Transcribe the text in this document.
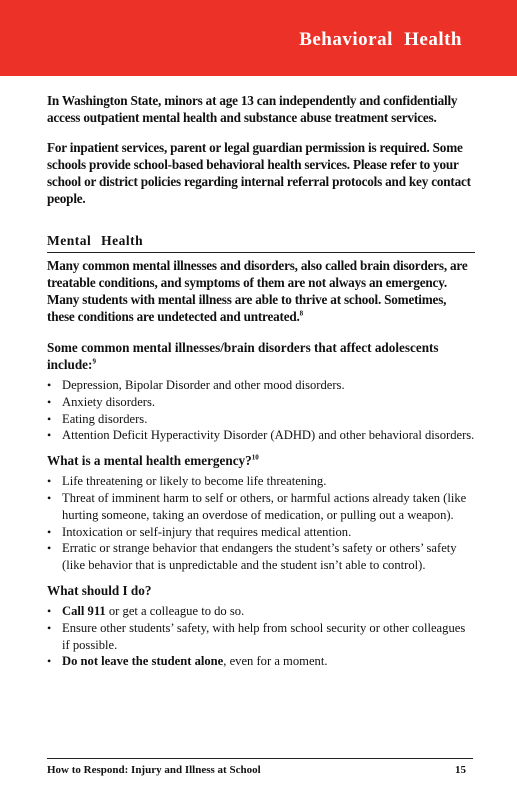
Behavioral Health

In Washington State, minors at age 13 can independently and confidentially access outpatient mental health and substance abuse treatment services.

For inpatient services, parent or legal guardian permission is required. Some schools provide school-based behavioral health services. Please refer to your school or district policies regarding internal referral protocols and key contact people.

Mental Health

Many common mental illnesses and disorders, also called brain disorders, are treatable conditions, and symptoms of them are not always an emergency. Many students with mental illness are able to thrive at school. Sometimes, these conditions are undetected and untreated.$^8$

Some common mental illnesses/brain disorders that affect adolescents include:$^9$

• Depression, Bipolar Disorder and other mood disorders.
• Anxiety disorders.
• Eating disorders.
• Attention Deficit Hyperactivity Disorder (ADHD) and other behavioral disorders.

What is a mental health emergency?$^{10}$

• Life threatening or likely to become life threatening.
• Threat of imminent harm to self or others, or harmful actions already taken (like hurting someone, taking an overdose of medication, or pulling out a weapon).
• Intoxication or self-injury that requires medical attention.
• Erratic or strange behavior that endangers the student’s safety or others’ safety (like behavior that is unpredictable and the student isn’t able to control).

What should I do?

• Call 911 or get a colleague to do so.
• Ensure other students’ safety, with help from school security or other colleagues if possible.
• Do not leave the student alone, even for a moment.
How to Respond: Injury and Illness at School	15
